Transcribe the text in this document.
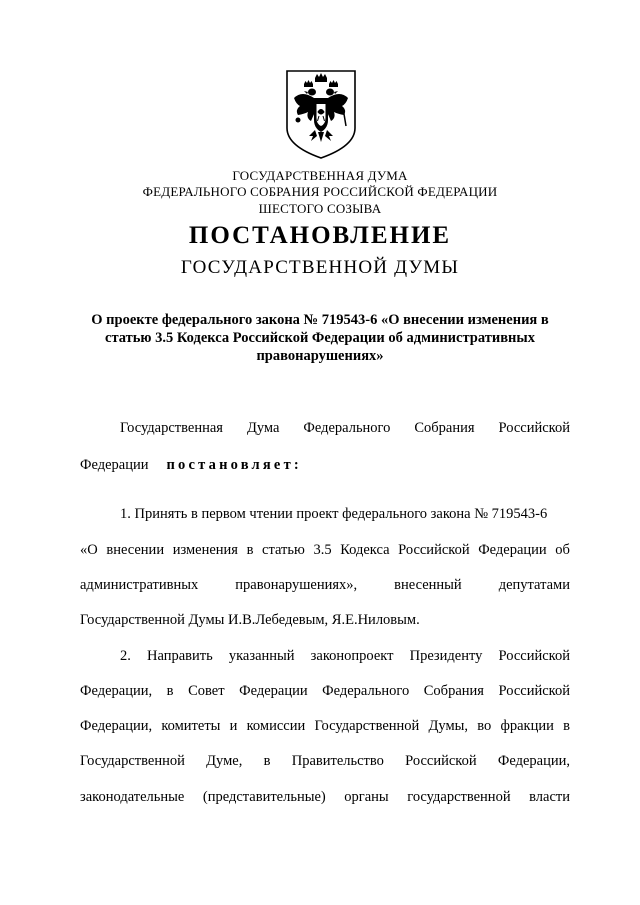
ГОСУДАРСТВЕННАЯ ДУМА
ФЕДЕРАЛЬНОГО СОБРАНИЯ РОССИЙСКОЙ ФЕДЕРАЦИИ
ШЕСТОГО СОЗЫВА
ПОСТАНОВЛЕНИЕ
ГОСУДАРСТВЕННОЙ ДУМЫ
О проекте федерального закона № 719543-6 «О внесении изменения в
статью 3.5 Кодекса Российской Федерации об административных
правонарушениях»
Государственная Дума Федерального Собрания Российской
Федерации постановляет:
1. Принять в первом чтении проект федерального закона № 719543-6
«О внесении изменения в статью 3.5 Кодекса Российской Федерации об
административных	правонарушениях»,	внесенный	депутатами
Государственной Думы И.В.Лебедевым, Я.Е.Ниловым.
2. Направить указанный законопроект Президенту Российской
Федерации, в Совет Федерации Федерального Собрания Российской
Федерации, комитеты и комиссии Государственной Думы, во фракции в
Государственной Думе, в Правительство Российской Федерации,
законодательные (представительные) органы государственной власти
